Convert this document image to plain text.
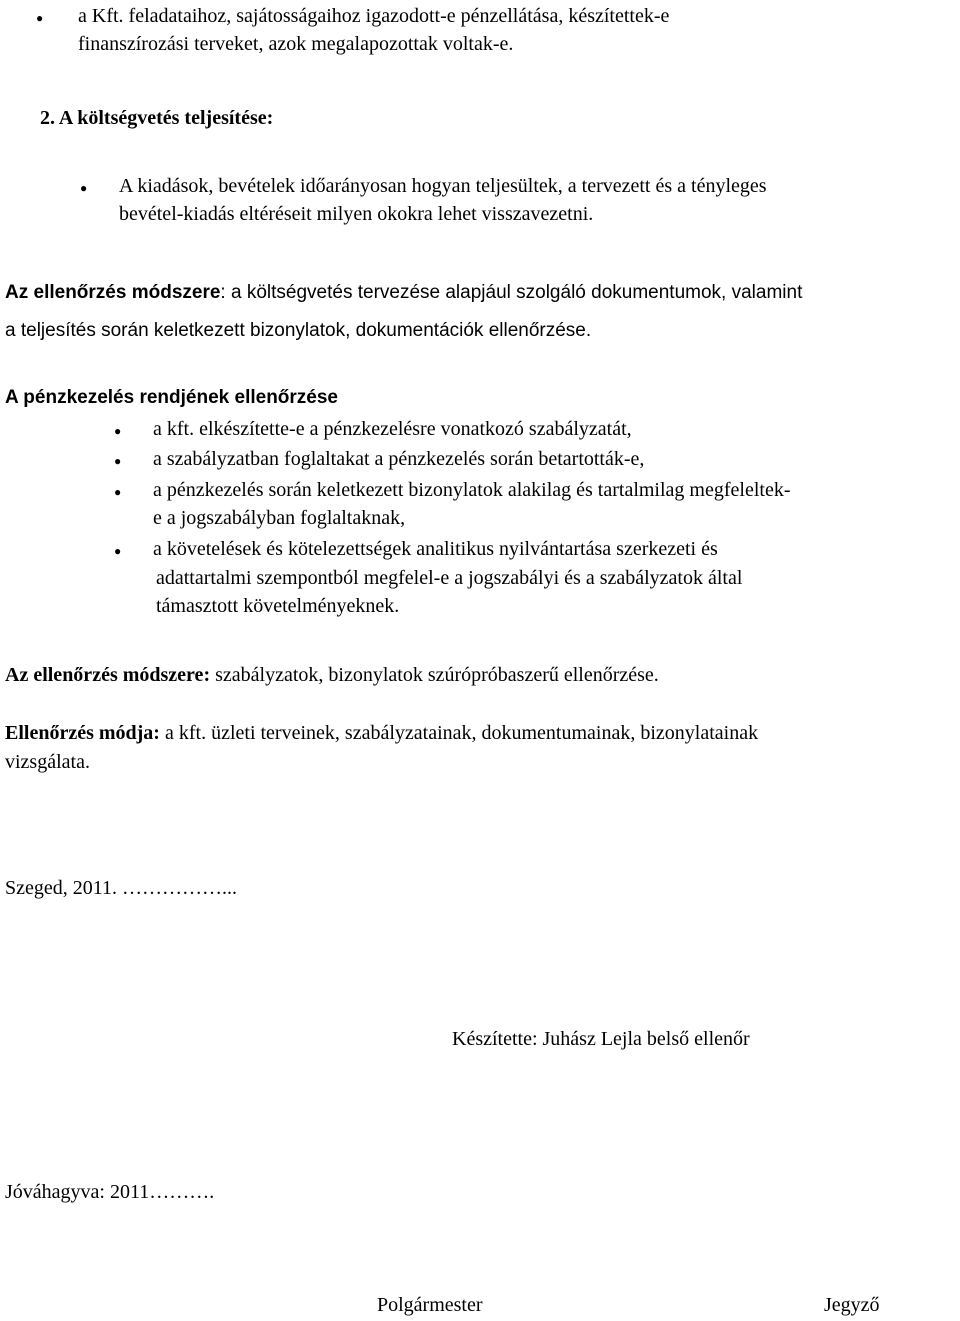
● a Kft. feladataihoz, sajátosságaihoz igazodott-e pénzellátása, készítettek-e
finanszírozási terveket, azok megalapozottak voltak-e.
2. A költségvetés teljesítése:
● A kiadások, bevételek időarányosan hogyan teljesültek, a tervezett és a tényleges
bevétel-kiadás eltéréseit milyen okokra lehet visszavezetni.
Az ellenőrzés módszere: a költségvetés tervezése alapjául szolgáló dokumentumok, valamint
a teljesítés során keletkezett bizonylatok, dokumentációk ellenőrzése.
A pénzkezelés rendjének ellenőrzése
● a kft. elkészítette-e a pénzkezelésre vonatkozó szabályzatát,
● a szabályzatban foglaltakat a pénzkezelés során betartották-e,
● a pénzkezelés során keletkezett bizonylatok alakilag és tartalmilag megfeleltek-
e a jogszabályban foglaltaknak,
● a követelések és kötelezettségek analitikus nyilvántartása szerkezeti és
adattartalmi szempontból megfelel-e a jogszabályi és a szabályzatok által
támasztott követelményeknek.
Az ellenőrzés módszere: szabályzatok, bizonylatok szúrópróbaszerű ellenőrzése.
Ellenőrzés módja: a kft. üzleti terveinek, szabályzatainak, dokumentumainak, bizonylatainak
vizsgálata.
Szeged, 2011. ……………...
Készítette: Juhász Lejla belső ellenőr
Jóváhagyva: 2011……….
Polgármester	Jegyző
